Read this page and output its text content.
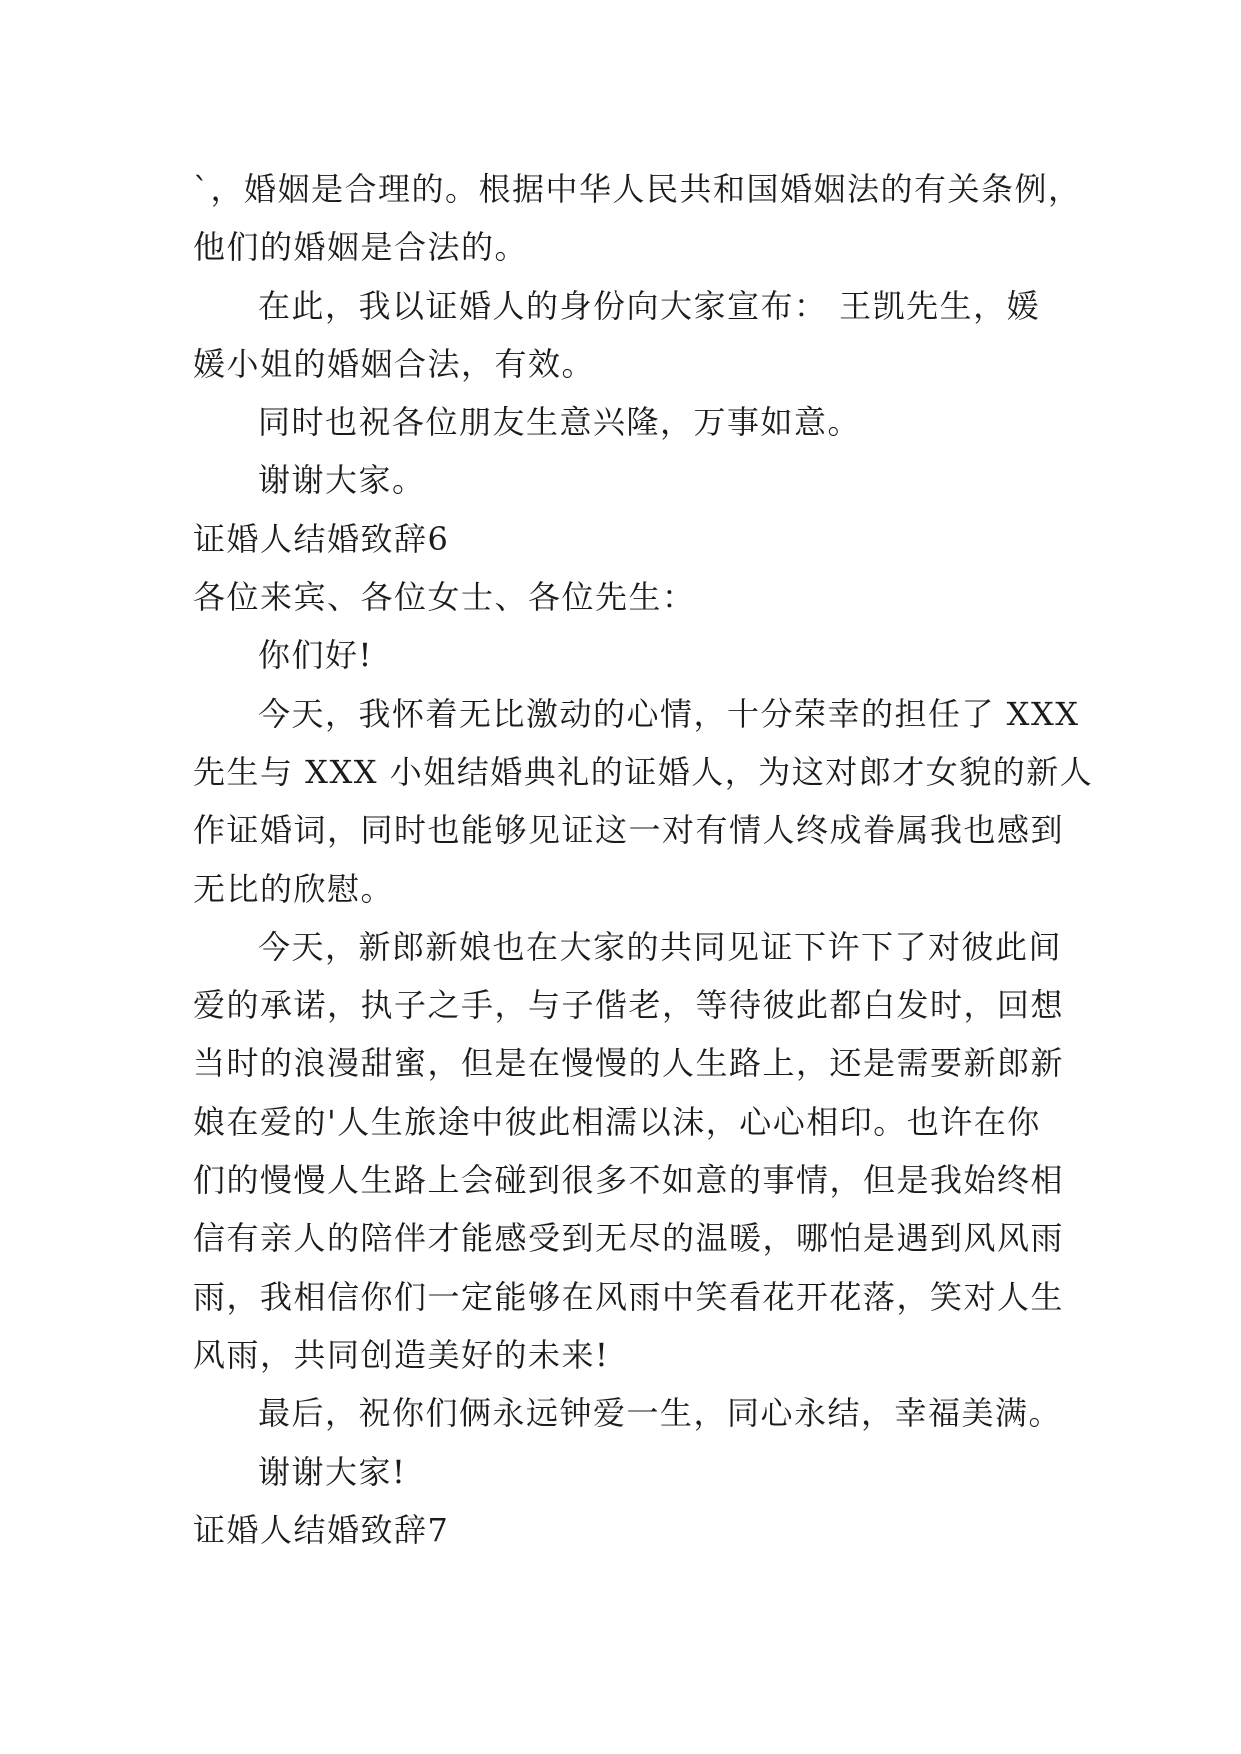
`，婚姻是合理的。根据中华人民共和国婚姻法的有关条例，
他们的婚姻是合法的。
在此，我以证婚人的身份向大家宣布： 王凯先生，媛
媛小姐的婚姻合法，有效。
同时也祝各位朋友生意兴隆，万事如意。
谢谢大家。
证婚人结婚致辞6
各位来宾、各位女士、各位先生：
你们好!
今天，我怀着无比激动的心情，十分荣幸的担任了 XXX
先生与 XXX 小姐结婚典礼的证婚人，为这对郎才女貌的新人
作证婚词，同时也能够见证这一对有情人终成眷属我也感到
无比的欣慰。
今天，新郎新娘也在大家的共同见证下许下了对彼此间
爱的承诺，执子之手，与子偕老，等待彼此都白发时，回想
当时的浪漫甜蜜，但是在慢慢的人生路上，还是需要新郎新
娘在爱的'人生旅途中彼此相濡以沫，心心相印。也许在你
们的慢慢人生路上会碰到很多不如意的事情，但是我始终相
信有亲人的陪伴才能感受到无尽的温暖，哪怕是遇到风风雨
雨，我相信你们一定能够在风雨中笑看花开花落，笑对人生
风雨，共同创造美好的未来!
最后，祝你们俩永远钟爱一生，同心永结，幸福美满。
谢谢大家!
证婚人结婚致辞7
